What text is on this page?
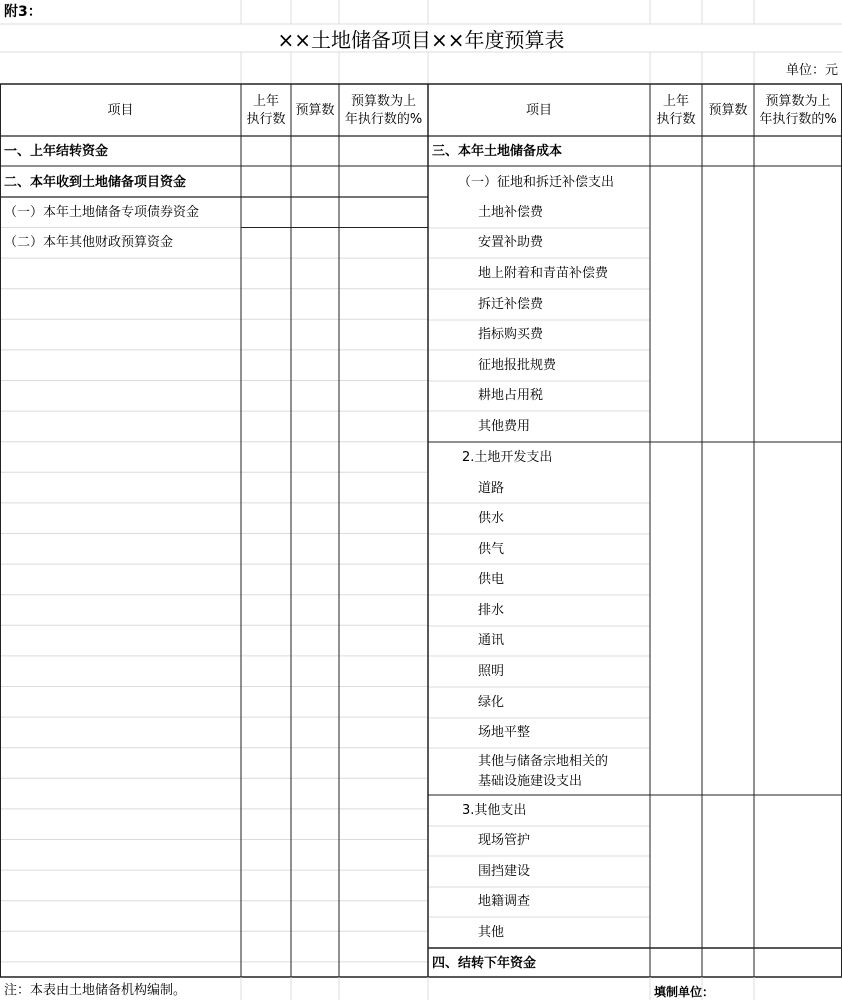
附3：
××土地储备项目××年度预算表
单位：元
项目
上年
执行数
预算数
预算数为上
年执行数的%
项目
上年
执行数
预算数
预算数为上
年执行数的%
一、上年结转资金
二、本年收到土地储备项目资金
（一）本年土地储备专项债券资金
（二）本年其他财政预算资金
三、本年土地储备成本
（一）征地和拆迁补偿支出
土地补偿费
安置补助费
地上附着和青苗补偿费
拆迁补偿费
指标购买费
征地报批规费
耕地占用税
其他费用
2.土地开发支出
道路
供水
供气
供电
排水
通讯
照明
绿化
场地平整
其他与储备宗地相关的
基础设施建设支出
3.其他支出
现场管护
围挡建设
地籍调查
其他
四、结转下年资金
注：本表由土地储备机构编制。	填制单位：
